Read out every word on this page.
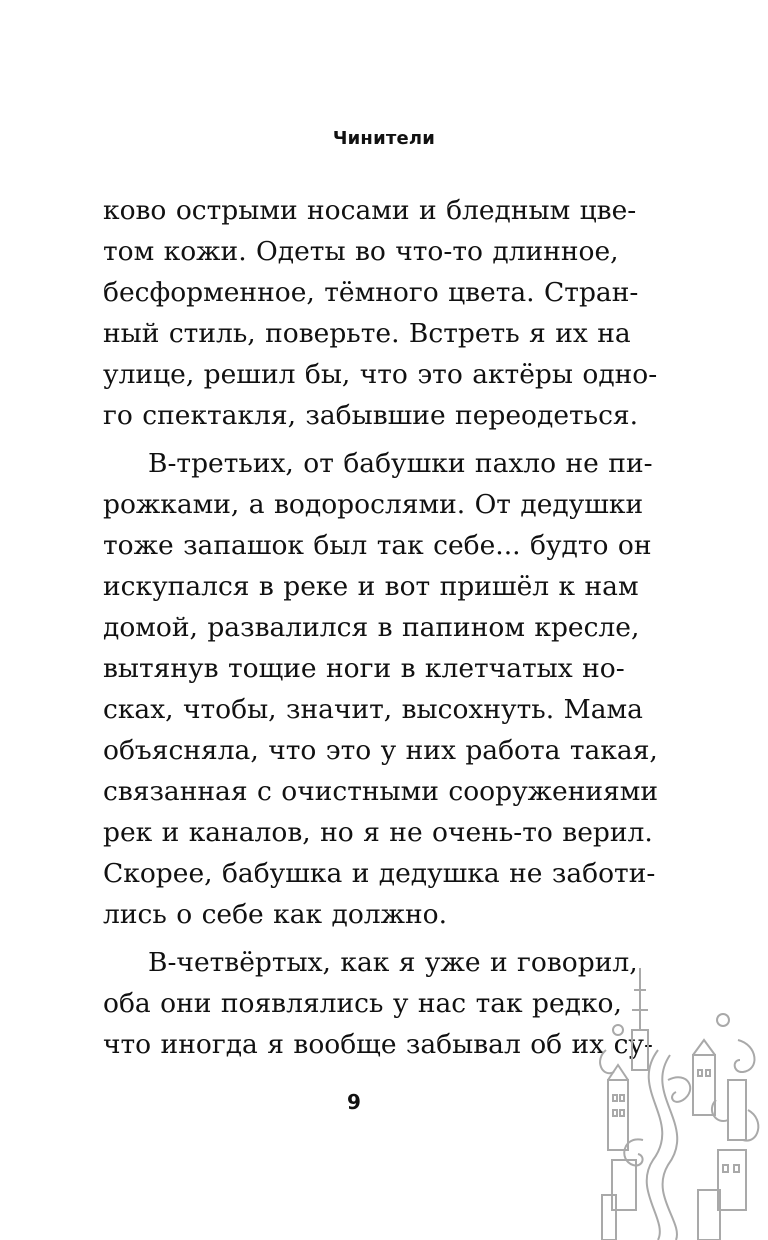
Чинители
ково острыми носами и бледным цве-
том кожи. Одеты во что-то длинное,
бесформенное, тёмного цвета. Стран-
ный стиль, поверьте. Встреть я их на
улице, решил бы, что это актёры одно-
го спектакля, забывшие переодеться.
В-третьих, от бабушки пахло не пи-
рожками, а водорослями. От дедушки
тоже запашок был так себе... будто он
искупался в реке и вот пришёл к нам
домой, развалился в папином кресле,
вытянув тощие ноги в клетчатых но-
сках, чтобы, значит, высохнуть. Мама
объясняла, что это у них работа такая,
связанная с очистными сооружениями
рек и каналов, но я не очень-то верил.
Скорее, бабушка и дедушка не заботи-
лись о себе как должно.
В-четвёртых, как я уже и говорил,
оба они появлялись у нас так редко,
что иногда я вообще забывал об их су-
9
